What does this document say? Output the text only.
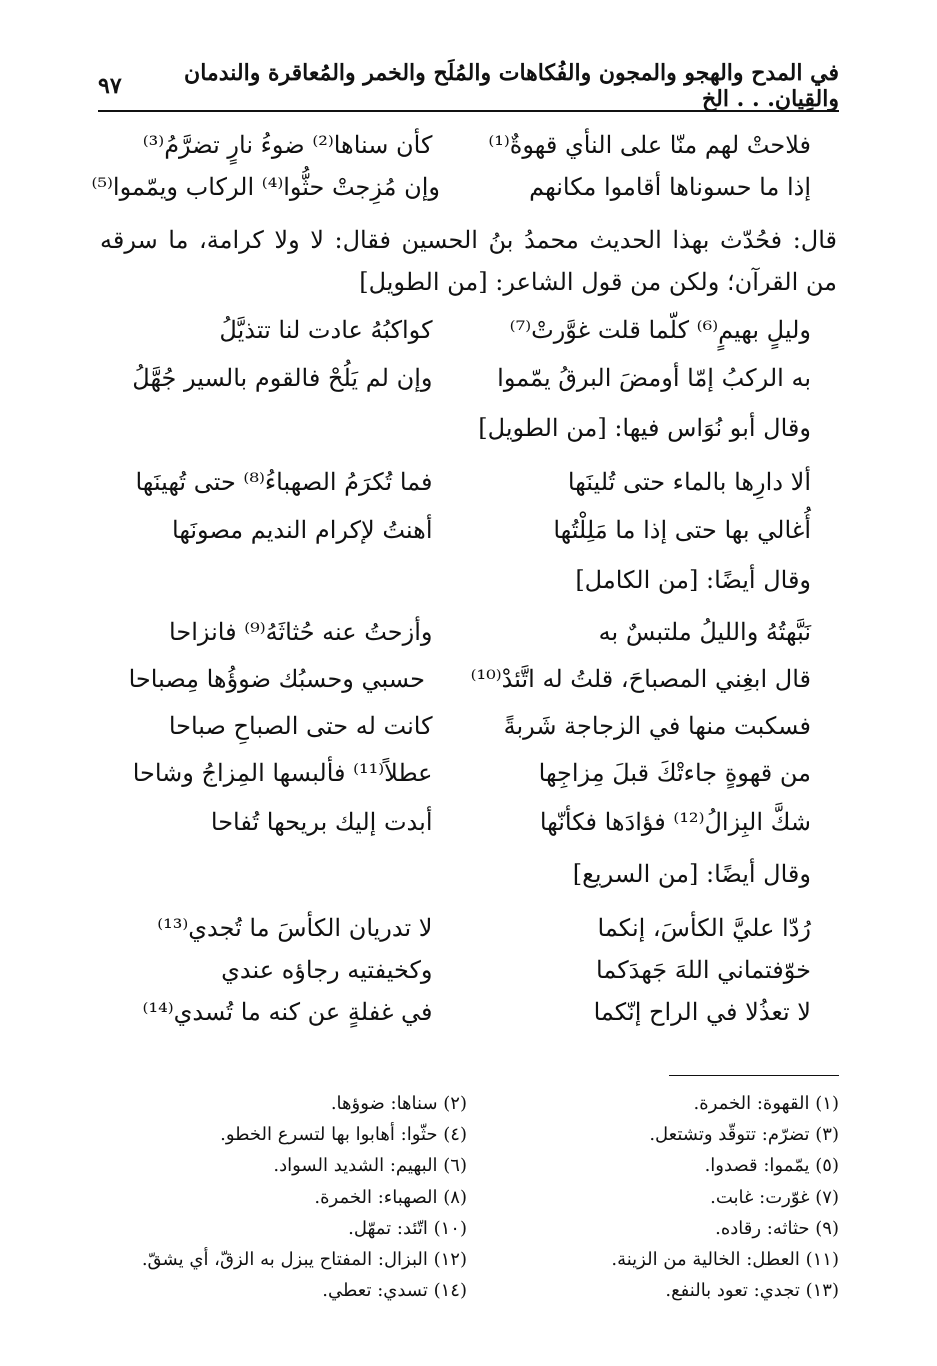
في المدح والهجو والمجون والفُكاهات والمُلَح والخمر والمُعاقرة والندمان والقِيان. . . الخ
٩٧
فلاحتْ لهم منّا على النأي قهوةٌ⁽¹⁾
كأن سناها⁽²⁾ ضوءُ نارٍ تضرَّمُ⁽³⁾
إذا ما حسوناها أقاموا مكانهم
وإن مُزِجتْ حثُّوا⁽⁴⁾ الركاب ويمّموا⁽⁵⁾
قال: فحُدّث بهذا الحديث محمدُ بنُ الحسين فقال: لا ولا كرامة، ما سرقه من القرآن؛ ولكن من قول الشاعر: [من الطويل]
وليلٍ بهيمٍ⁽⁶⁾ كلّما قلت غوَّرتْ⁽⁷⁾
كواكبُهُ عادت لنا تتذيَّلُ
به الركبُ إمّا أومضَ البرقُ يمّموا
وإن لم يَلُحْ فالقوم بالسير جُهَّلُ
وقال أبو نُوَاس فيها: [من الطويل]
ألا دارِها بالماء حتى تُلينَها
فما تُكرَمُ الصهباءُ⁽⁸⁾ حتى تُهينَها
أُغالي بها حتى إذا ما مَلِلْتُها
أهنتُ لإكرام النديم مصونَها
وقال أيضًا: [من الكامل]
نَبَّهتُهُ والليلُ ملتبسٌ به
وأزحتُ عنه حُثاثَهُ⁽⁹⁾ فانزاحا
قال ابغِني المصباحَ، قلتُ له اتَّئدْ⁽¹⁰⁾
حسبي وحسبُك ضوؤُها مِصباحا
فسكبت منها في الزجاجة شَربةً
كانت له حتى الصباحِ صباحا
من قهوةٍ جاءتْكَ قبلَ مِزاجِها
عطلاً⁽¹¹⁾ فألبسها المِزاجُ وشاحا
شكَّ البِزالُ⁽¹²⁾ فؤادَها فكأنّها
أبدت إليك بريحها تُفاحا
وقال أيضًا: [من السريع]
رُدّا عليَّ الكأسَ، إنكما
لا تدريان الكأسَ ما تُجدي⁽¹³⁾
خوّفتماني اللهَ جَهدَكما
وكخيفتيه رجاؤه عندي
لا تعذُلا في الراح إنّكما
في غفلةٍ عن كنه ما تُسدي⁽¹⁴⁾
(١) القهوة: الخمرة.
(٣) تضرّم: تتوقّد وتشتعل.
(٥) يمّموا: قصدوا.
(٧) غوّرت: غابت.
(٩) حثاثه: رقاده.
(١١) العطل: الخالية من الزينة.
(١٣) تجدي: تعود بالنفع.
(٢) سناها: ضوؤها.
(٤) حثّوا: أهابوا بها لتسرع الخطو.
(٦) البهيم: الشديد السواد.
(٨) الصهباء: الخمرة.
(١٠) اتّئد: تمهّل.
(١٢) البزال: المفتاح يبزل به الزقّ، أي يشقّ.
(١٤) تسدي: تعطي.
